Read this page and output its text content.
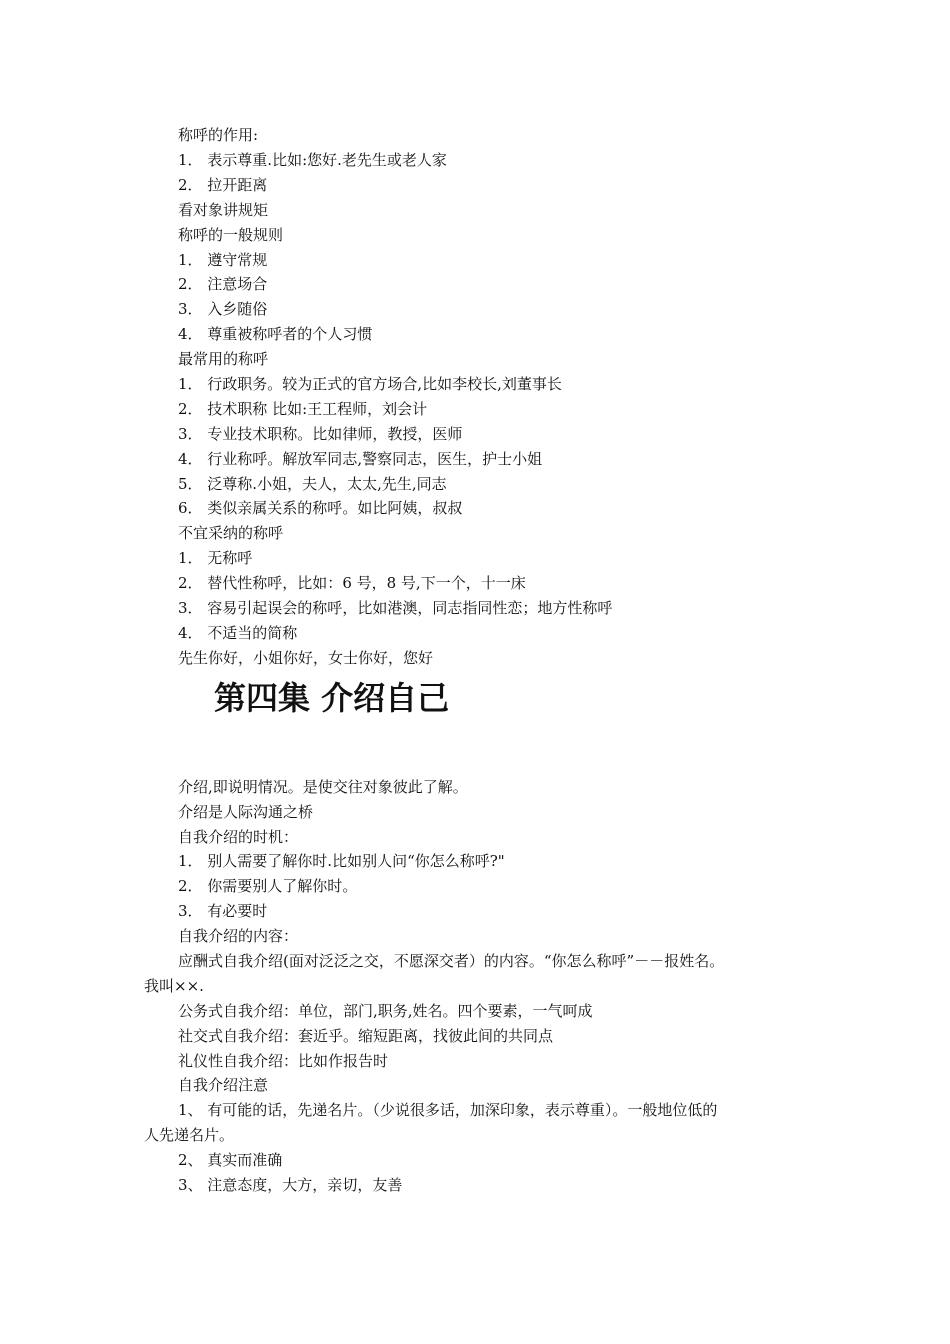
称呼的作用:
1． 表示尊重.比如:您好.老先生或老人家
2． 拉开距离
看对象讲规矩
称呼的一般规则
1． 遵守常规
2． 注意场合
3． 入乡随俗
4． 尊重被称呼者的个人习惯
最常用的称呼
1． 行政职务。较为正式的官方场合,比如李校长,刘董事长
2． 技术职称 比如:王工程师，刘会计
3． 专业技术职称。比如律师，教授，医师
4． 行业称呼。解放军同志,警察同志，医生，护士小姐
5． 泛尊称.小姐，夫人，太太,先生,同志
6． 类似亲属关系的称呼。如比阿姨，叔叔
不宜采纳的称呼
1． 无称呼
2． 替代性称呼，比如：6 号，8 号,下一个，十一床
3． 容易引起误会的称呼，比如港澳，同志指同性恋；地方性称呼
4． 不适当的简称
先生你好，小姐你好，女士你好，您好
第四集 介绍自己
介绍,即说明情况。是使交往对象彼此了解。
介绍是人际沟通之桥
自我介绍的时机：
1． 别人需要了解你时.比如别人问“你怎么称呼?"
2． 你需要别人了解你时。
3． 有必要时
自我介绍的内容：
应酬式自我介绍(面对泛泛之交，不愿深交者）的内容。“你怎么称呼”－－报姓名。
我叫××.
公务式自我介绍：单位，部门,职务,姓名。四个要素，一气呵成
社交式自我介绍：套近乎。缩短距离，找彼此间的共同点
礼仪性自我介绍：比如作报告时
自我介绍注意
1、 有可能的话，先递名片。（少说很多话，加深印象，表示尊重）。一般地位低的
人先递名片。
2、 真实而准确
3、 注意态度，大方，亲切，友善
